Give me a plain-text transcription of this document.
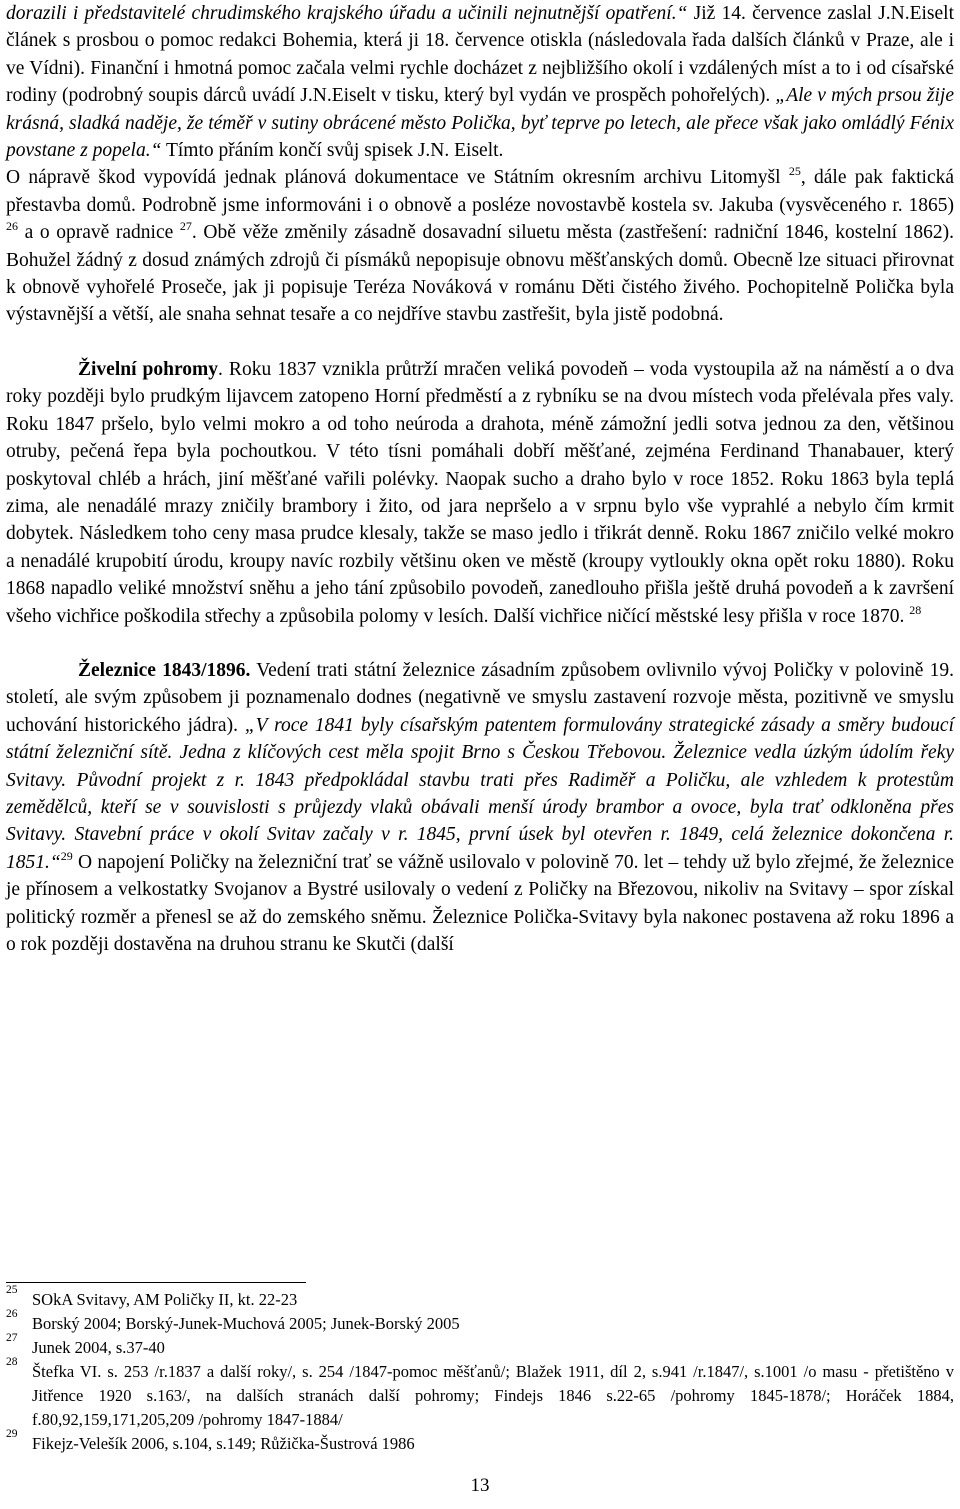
dorazili i představitelé chrudimského krajského úřadu a učinili nejnutnější opatření.“ Již 14. července zaslal J.N.Eiselt článek s prosbou o pomoc redakci Bohemia, která ji 18. července otiskla (následovala řada dalších článků v Praze, ale i ve Vídni). Finanční i hmotná pomoc začala velmi rychle docházet z nejbližšího okolí i vzdálených míst a to i od císařské rodiny (podrobný soupis dárců uvádí J.N.Eiselt v tisku, který byl vydán ve prospěch pohořelých). „Ale v mých prsou žije krásná, sladká naděje, že téměř v sutiny obrácené město Polička, byť teprve po letech, ale přece však jako omládlý Fénix povstane z popela.“ Tímto přáním končí svůj spisek J.N. Eiselt.

O nápravě škod vypovídá jednak plánová dokumentace ve Státním okresním archivu Litomyšl $^{25}$, dále pak faktická přestavba domů. Podrobně jsme informováni i o obnově a posléze novostavbě kostela sv. Jakuba (vysvěceného r. 1865) $^{26}$ a o opravě radnice $^{27}$. Obě věže změnily zásadně dosavadní siluetu města (zastřešení: radniční 1846, kostelní 1862). Bohužel žádný z dosud známých zdrojů či písmáků nepopisuje obnovu měšťanských domů. Obecně lze situaci přirovnat k obnově vyhořelé Proseče, jak ji popisuje Teréza Nováková v románu Děti čistého živého. Pochopitelně Polička byla výstavnější a větší, ale snaha sehnat tesaře a co nejdříve stavbu zastřešit, byla jistě podobná.

Živelní pohromy. Roku 1837 vznikla průtrží mračen veliká povodeň – voda vystoupila až na náměstí a o dva roky později bylo prudkým lijavcem zatopeno Horní předměstí a z rybníku se na dvou místech voda přelévala přes valy. Roku 1847 pršelo, bylo velmi mokro a od toho neúroda a drahota, méně zámožní jedli sotva jednou za den, většinou otruby, pečená řepa byla pochoutkou. V této tísni pomáhali dobří měšťané, zejména Ferdinand Thanabauer, který poskytoval chléb a hrách, jiní měšťané vařili polévky. Naopak sucho a draho bylo v roce 1852. Roku 1863 byla teplá zima, ale nenadálé mrazy zničily brambory i žito, od jara nepršelo a v srpnu bylo vše vyprahlé a nebylo čím krmit dobytek. Následkem toho ceny masa prudce klesaly, takže se maso jedlo i třikrát denně. Roku 1867 zničilo velké mokro a nenadálé krupobití úrodu, kroupy navíc rozbily většinu oken ve městě (kroupy vytloukly okna opět roku 1880). Roku 1868 napadlo veliké množství sněhu a jeho tání způsobilo povodeň, zanedlouho přišla ještě druhá povodeň a k završení všeho vichřice poškodila střechy a způsobila polomy v lesích. Další vichřice ničící městské lesy přišla v roce 1870. $^{28}$

Železnice 1843/1896. Vedení trati státní železnice zásadním způsobem ovlivnilo vývoj Poličky v polovině 19. století, ale svým způsobem ji poznamenalo dodnes (negativně ve smyslu zastavení rozvoje města, pozitivně ve smyslu uchování historického jádra). „V roce 1841 byly císařským patentem formulovány strategické zásady a směry budoucí státní železniční sítě. Jedna z klíčových cest měla spojit Brno s Českou Třebovou. Železnice vedla úzkým údolím řeky Svitavy. Původní projekt z r. 1843 předpokládal stavbu trati přes Radiměř a Poličku, ale vzhledem k protestům zemědělců, kteří se v souvislosti s průjezdy vlaků obávali menší úrody brambor a ovoce, byla trať odkloněna přes Svitavy. Stavební práce v okolí Svitav začaly v r. 1845, první úsek byl otevřen r. 1849, celá železnice dokončena r. 1851.“$^{29}$ O napojení Poličky na železniční trať se vážně usilovalo v polovině 70. let – tehdy už bylo zřejmé, že železnice je přínosem a velkostatky Svojanov a Bystré usilovaly o vedení z Poličky na Březovou, nikoliv na Svitavy – spor získal politický rozměr a přenesl se až do zemského sněmu. Železnice Polička-Svitavy byla nakonec postavena až roku 1896 a o rok později dostavěna na druhou stranu ke Skutči (další

25 SOkA Svitavy, AM Poličky II, kt. 22-23
26 Borský 2004; Borský-Junek-Muchová 2005; Junek-Borský 2005
27 Junek 2004, s.37-40
28 Štefka VI. s. 253 /r.1837 a další roky/, s. 254 /1847-pomoc měšťanů/; Blažek 1911, díl 2, s.941 /r.1847/, s.1001 /o masu - přetištěno v Jitřence 1920 s.163/, na dalších stranách další pohromy; Findejs 1846 s.22-65 /pohromy 1845-1878/; Horáček 1884, f.80,92,159,171,205,209 /pohromy 1847-1884/
29 Fikejz-Velešík 2006, s.104, s.149; Růžička-Šustrová 1986
13
